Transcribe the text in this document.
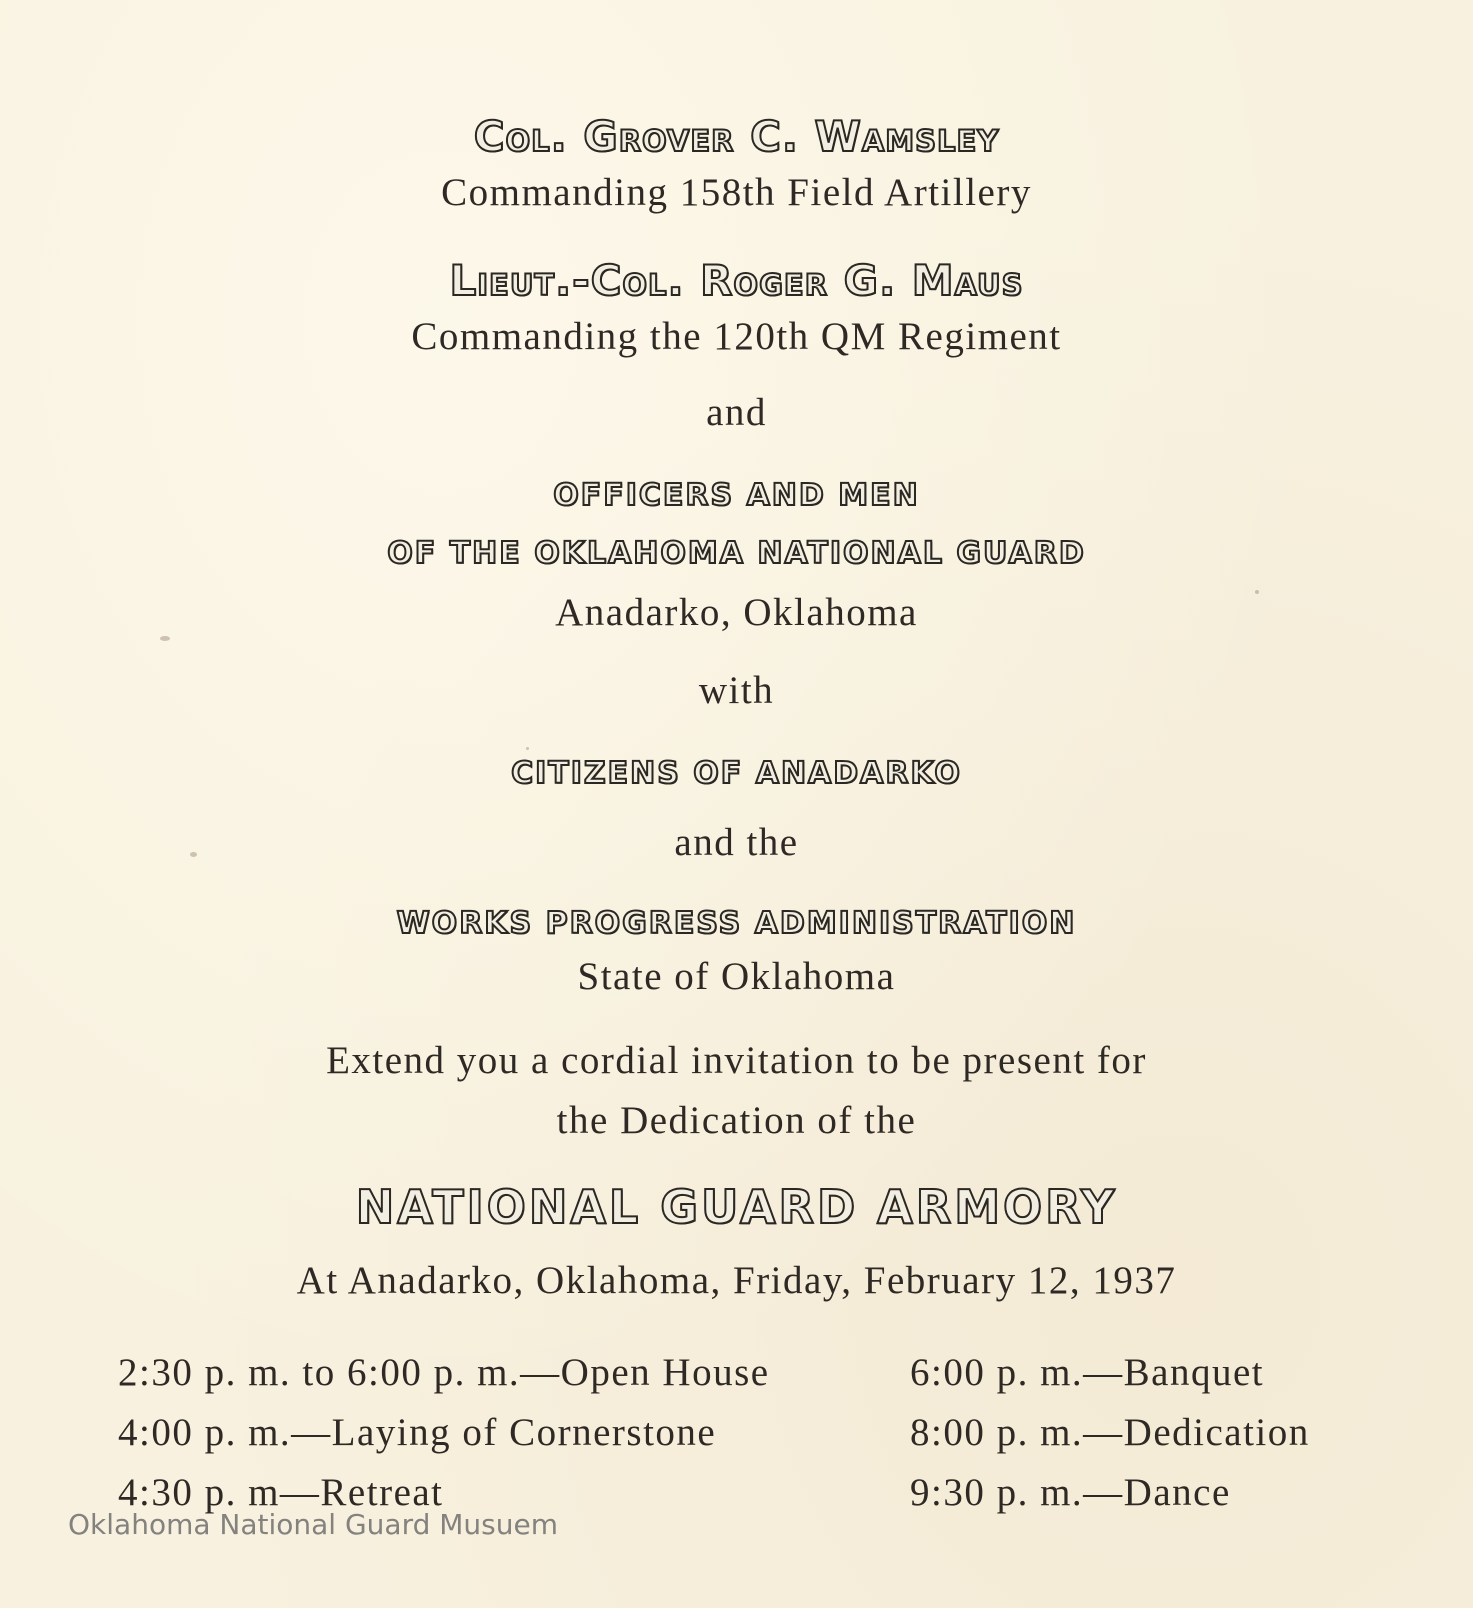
Col. Grover C. Wamsley
Commanding 158th Field Artillery
Lieut.-Col. Roger G. Maus
Commanding the 120th QM Regiment
and
OFFICERS AND MEN
OF THE OKLAHOMA NATIONAL GUARD
Anadarko, Oklahoma
with
CITIZENS OF ANADARKO
and the
WORKS PROGRESS ADMINISTRATION
State of Oklahoma
Extend you a cordial invitation to be present for
the Dedication of the
NATIONAL GUARD ARMORY
At Anadarko, Oklahoma, Friday, February 12, 1937
2:30 p. m. to 6:00 p. m.—Open House
4:00 p. m.—Laying of Cornerstone
4:30 p. m—Retreat
6:00 p. m.—Banquet
8:00 p. m.—Dedication
9:30 p. m.—Dance
Oklahoma National Guard Musuem
